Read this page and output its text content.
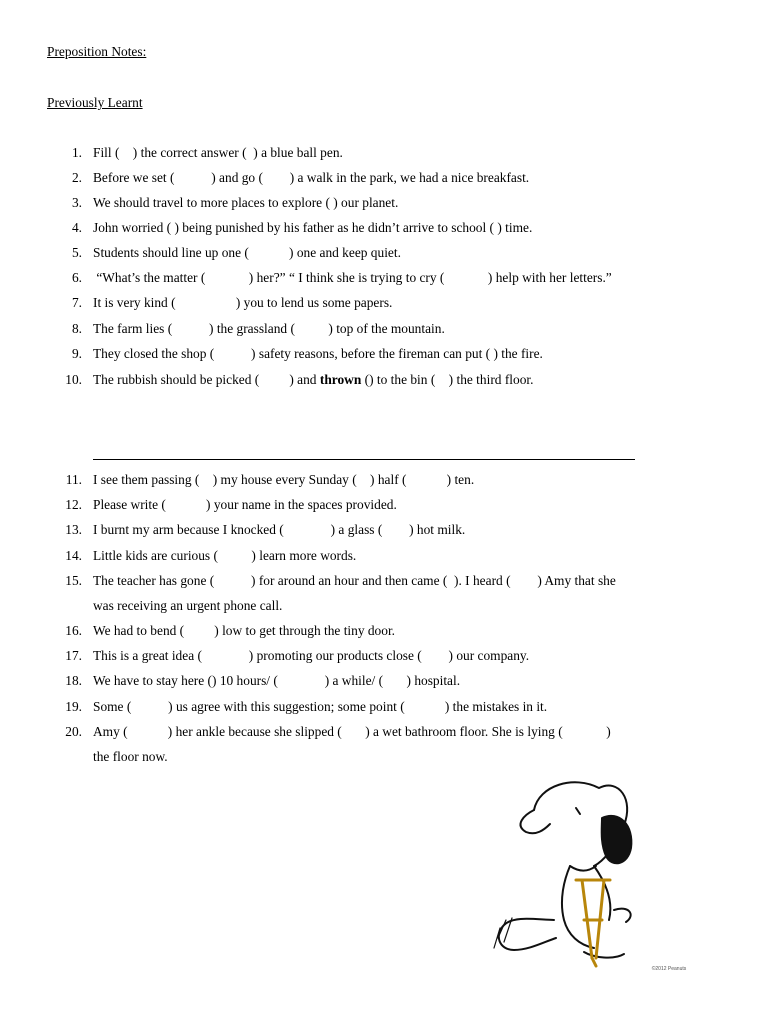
Preposition Notes:
Previously Learnt

1.

Fill (    ) the correct answer (  ) a blue ball pen.

2.

Before we set (           ) and go (        ) a walk in the park, we had a nice breakfast.

3.

We should travel to more places to explore ( ) our planet.

4.

John worried ( ) being punished by his father as he didn’t arrive to school ( ) time.

5.

Students should line up one (            ) one and keep quiet.

6.

“What’s the matter (             ) her?” “ I think she is trying to cry (             ) help with her letters.”

7.

It is very kind (                  ) you to lend us some papers.

8.

The farm lies (           ) the grassland (          ) top of the mountain.

9.

They closed the shop (           ) safety reasons, before the fireman can put ( ) the fire.

10.

The rubbish should be picked (         ) and thrown () to the bin (    ) the third floor.

11.

I see them passing (    ) my house every Sunday (    ) half (            ) ten.

12.

Please write (            ) your name in the spaces provided.

13.

I burnt my arm because I knocked (              ) a glass (        ) hot milk.

14.

Little kids are curious (          ) learn more words.

15.

The teacher has gone (           ) for around an hour and then came (  ). I heard (        ) Amy that she

was receiving an urgent phone call.

16.

We had to bend (         ) low to get through the tiny door.

17.

This is a great idea (              ) promoting our products close (        ) our company.

18.

We have to stay here () 10 hours/ (              ) a while/ (       ) hospital.

19.

Some (           ) us agree with this suggestion; some point (            ) the mistakes in it.

20.

Amy (            ) her ankle because she slipped (       ) a wet bathroom floor. She is lying (             )

the floor now.
©2012 Peanuts
